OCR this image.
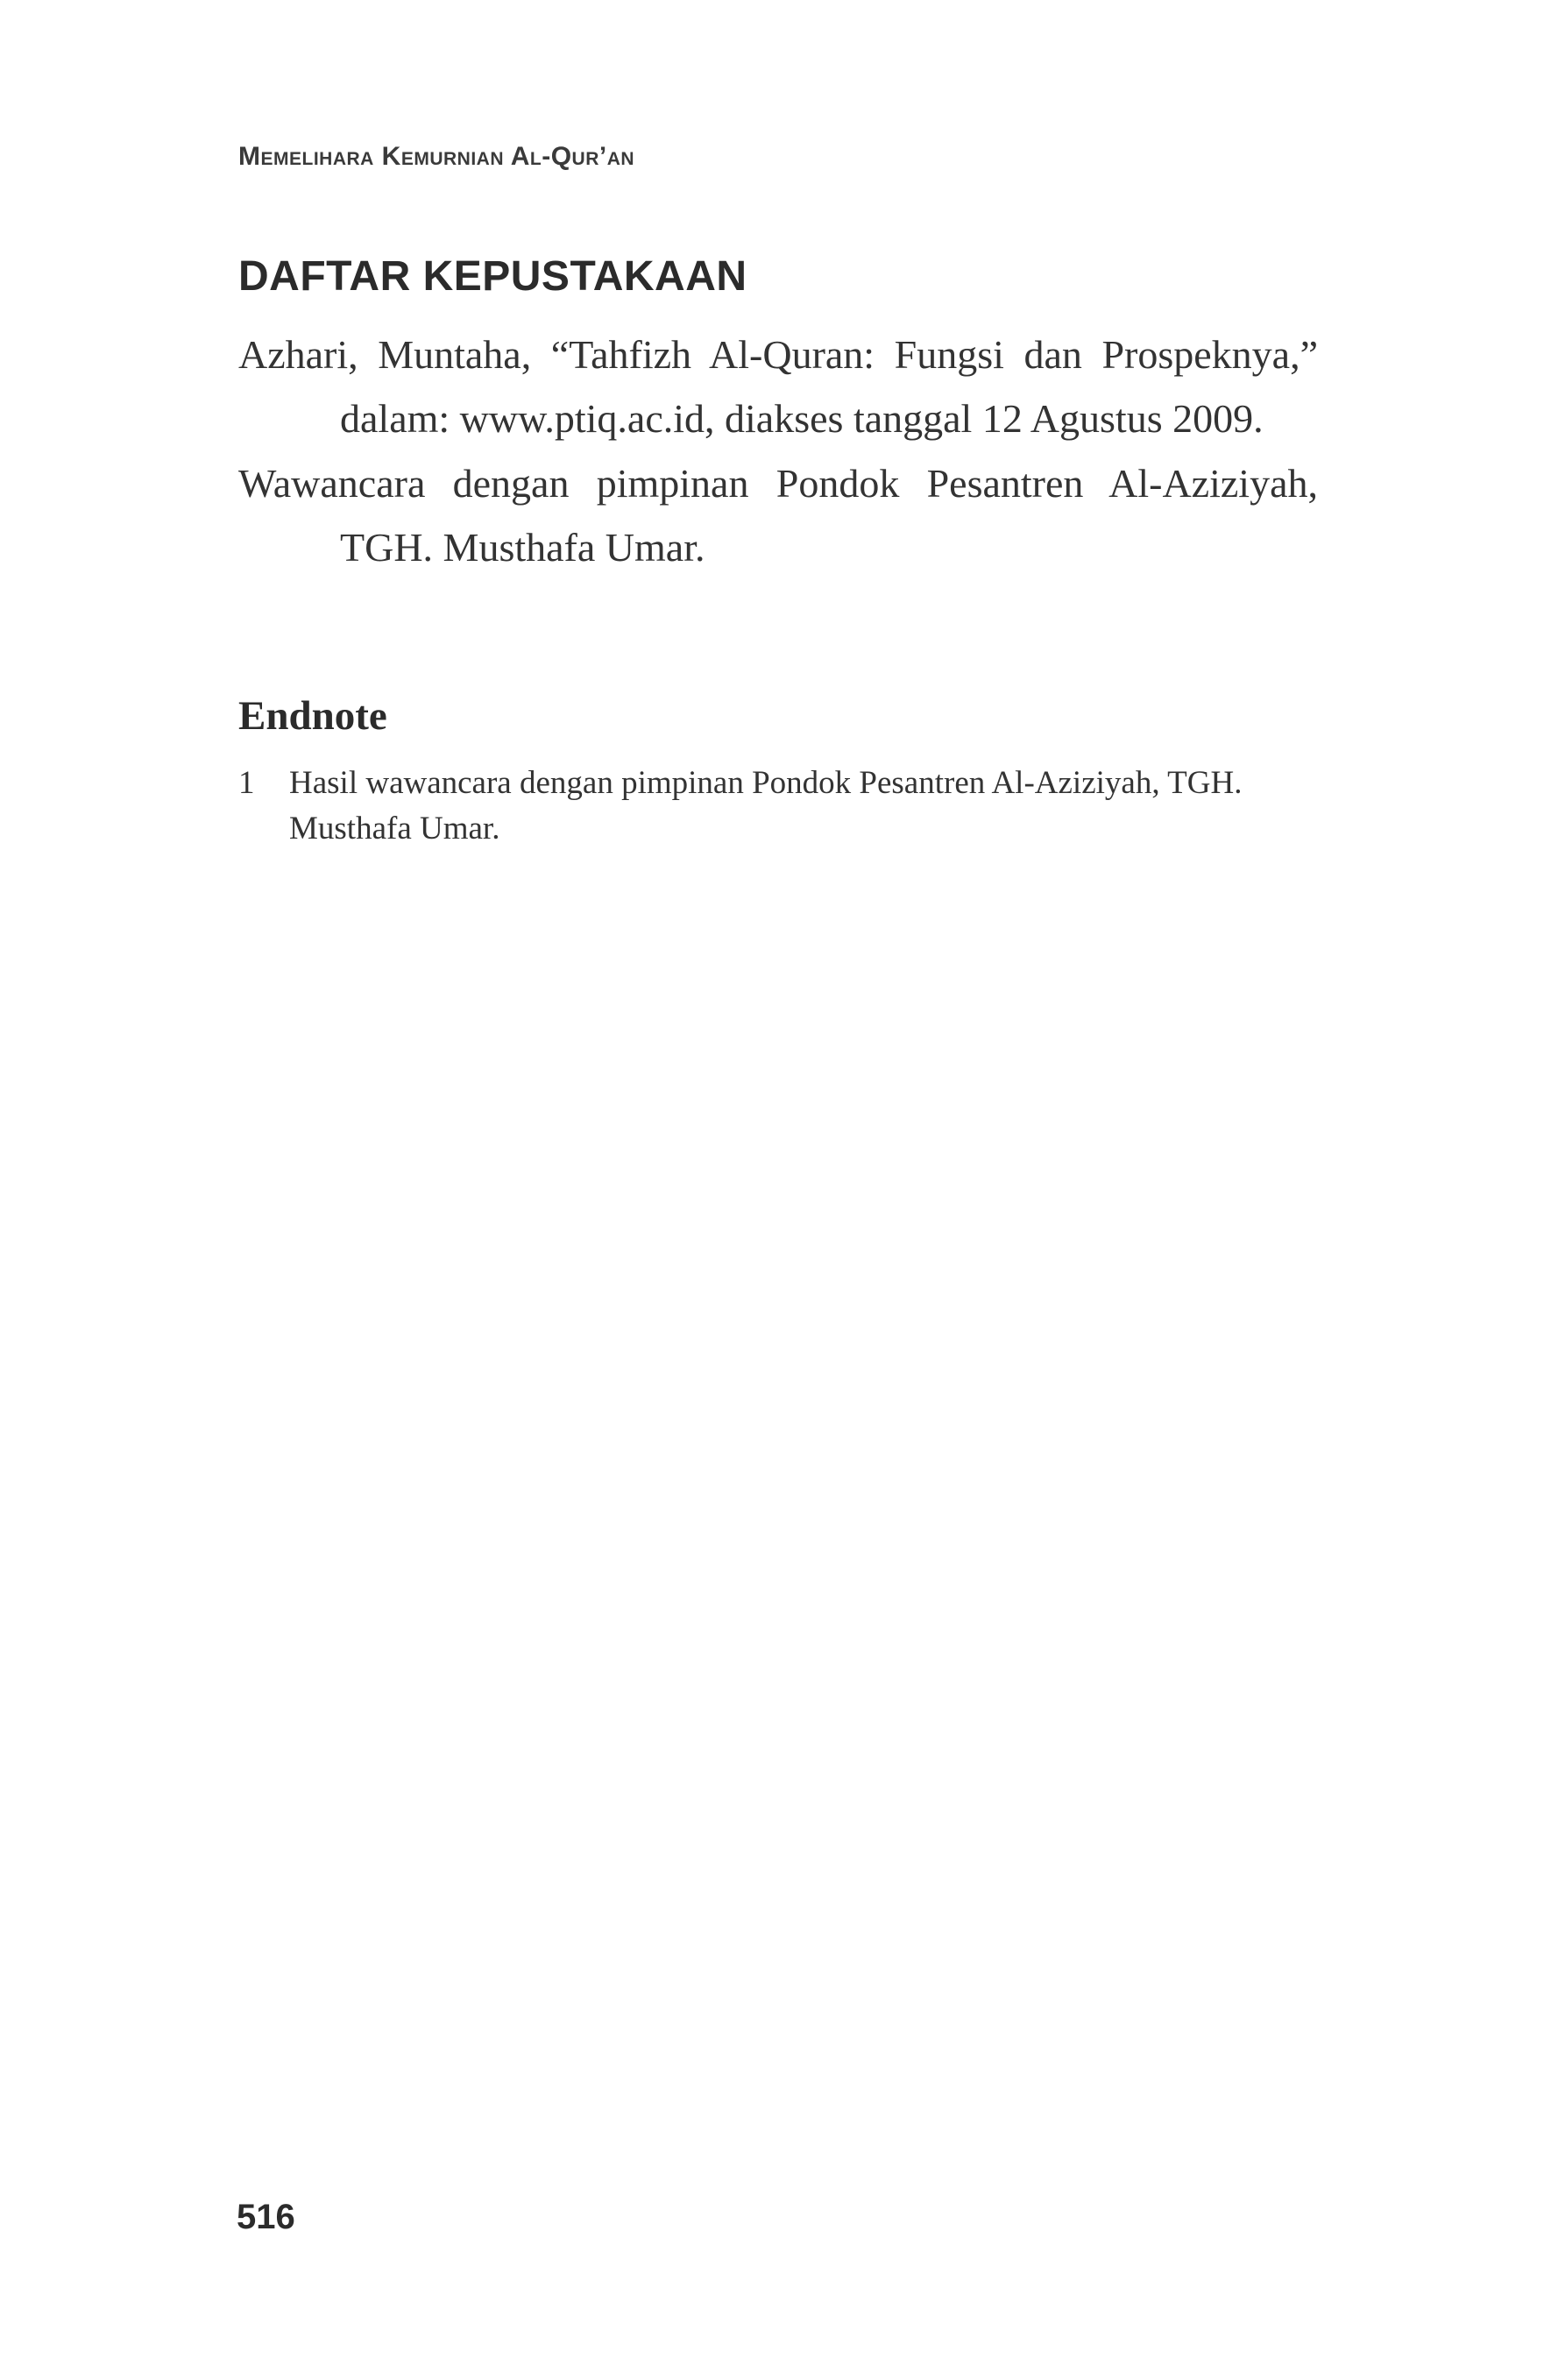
Memelihara Kemurnian Al-Qur’an
DAFTAR KEPUSTAKAAN

Azhari, Muntaha, “Tahfizh Al-Quran: Fungsi dan Prospeknya,” dalam: www.ptiq.ac.id, diakses tanggal 12 Agustus 2009.

Wawancara dengan pimpinan Pondok Pesantren Al-Aziziyah, TGH. Musthafa Umar.

Endnote
1	Hasil wawancara dengan pimpinan Pondok Pesantren Al-Aziziyah, TGH. Musthafa Umar.
516
